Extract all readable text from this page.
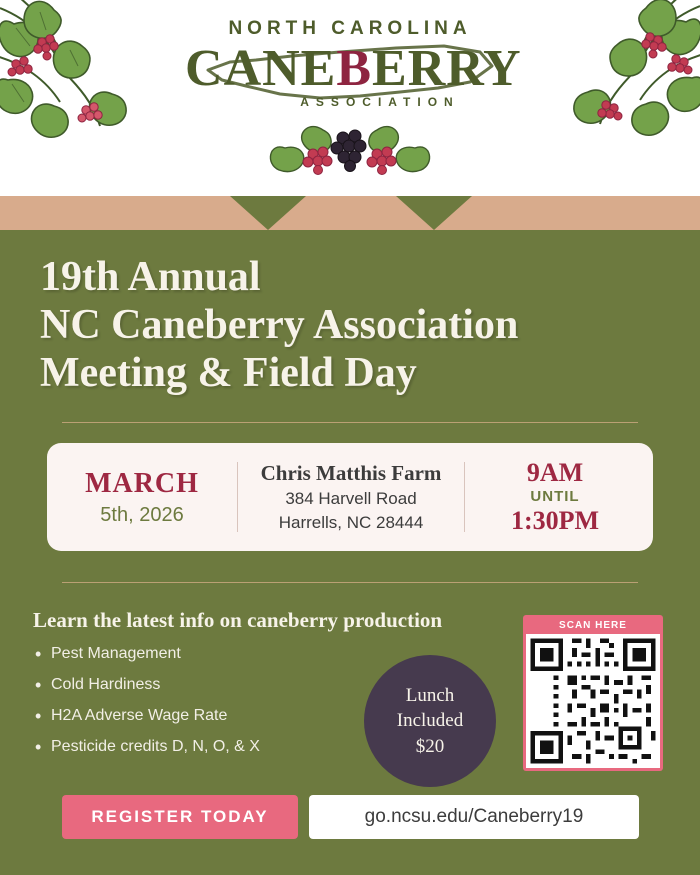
NORTH CAROLINA
CANEBERRY
ASSOCIATION
19th Annual
NC Caneberry Association
Meeting & Field Day
MARCH
5th, 2026
Chris Matthis Farm
384 Harvell Road
Harrells, NC 28444
9AM
UNTIL
1:30PM
Learn the latest info on caneberry production
• Pest Management
• Cold Hardiness
• H2A Adverse Wage Rate
• Pesticide credits D, N, O, & X
Lunch
Included
$20
SCAN HERE
REGISTER TODAY	go.ncsu.edu/Caneberry19
